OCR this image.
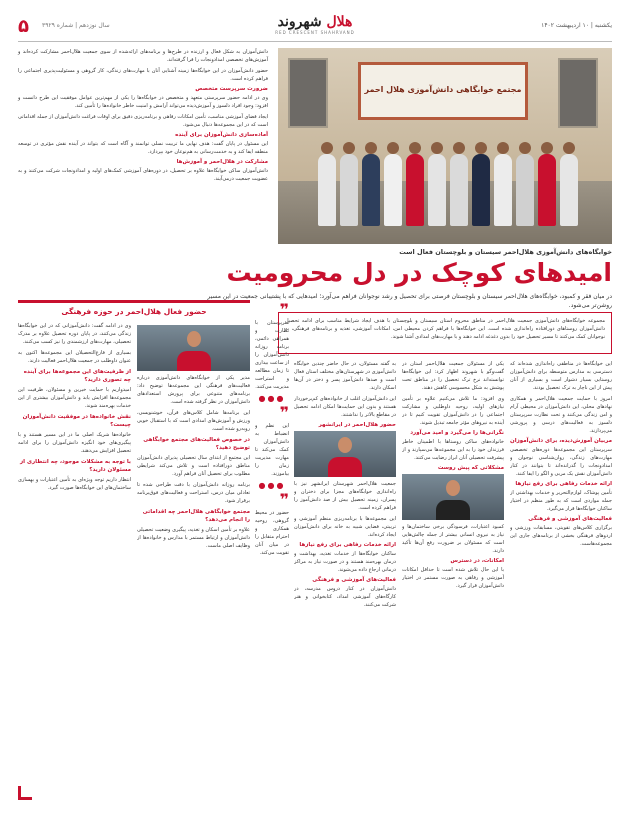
۵ سال نوزدهم | شماره ۳۹۲۹	هلال شهروند
RED CRESCENT SHAHRVAND
یکشنبه | ۱۰ اردیبهشت ۱۴۰۲

دانش‌آموزان به شکل فعال و ارزنده در طرح‌ها و برنامه‌های ارائه‌شده از سوی جمعیت هلال‌احمر مشارکت کرده‌اند و آموزش‌های تخصصی امدادونجات را فرا گرفته‌اند.

حضور دانش‌آموزان در این خوابگاه‌ها زمینه آشنایی آنان با مهارت‌های زندگی، کار گروهی و مسئولیت‌پذیری اجتماعی را فراهم کرده است.

ضرورت سرپرست متخصص

وی در ادامه حضور سرپرستی متعهد و متخصص در خوابگاه‌ها را یکی از مهم‌ترین عوامل موفقیت این طرح دانست و افزود: وجود افراد دلسوز و آموزش‌دیده می‌تواند آرامش و امنیت خاطر خانواده‌ها را تأمین کند.

ایجاد فضای آموزشی مناسب، تأمین امکانات رفاهی و برنامه‌ریزی دقیق برای اوقات فراغت دانش‌آموزان از جمله اقداماتی است که در این مجموعه‌ها دنبال می‌شود.

آماده‌سازی دانش‌آموزان برای آینده

این مسئول در پایان گفت: هدف نهایی ما تربیت نسلی توانمند و آگاه است که بتواند در آینده نقش مؤثری در توسعه منطقه ایفا کند و به خدمت‌رسانی به هم‌نوعان خود بپردازد.

مشارکت در هلال‌احمر و آموزش‌ها

دانش‌آموزان ساکن خوابگاه‌ها علاوه بر تحصیل، در دوره‌های آموزشی کمک‌های اولیه و امدادونجات شرکت می‌کنند و به عضویت جمعیت درمی‌آیند.

مجتمع خوابگاهی دانش‌آموزی هلال احمر
خوابگاه‌های دانش‌آموزی هلال‌احمر سیستان و بلوچستان فعال است
امیدهای کوچک در دل محرومیت

در میان فقر و کمبود، خوابگاه‌های هلال‌احمر سیستان و بلوچستان فرصتی برای تحصیل و رشد نوجوانان فراهم می‌آورد؛ امیدهایی که با پشتیبانی جمعیت در این مسیر روشن‌تر می‌شود.

مجموعه خوابگاه‌های دانش‌آموزی جمعیت هلال‌احمر در مناطق محروم استان سیستان و بلوچستان با هدف ایجاد شرایط مناسب برای ادامه تحصیل دانش‌آموزان روستاهای دورافتاده راه‌اندازی شده است. این خوابگاه‌ها با فراهم کردن محیطی امن، امکانات آموزشی، تغذیه و برنامه‌های فرهنگی، به نوجوانان کمک می‌کنند تا مسیر تحصیل خود را بدون دغدغه ادامه دهند و با مهارت‌های امدادی آشنا شوند.

این خوابگاه‌ها در مناطقی راه‌اندازی شده‌اند که دسترسی به مدارس متوسطه برای دانش‌آموزان روستایی بسیار دشوار است و بسیاری از آنان پیش از این ناچار به ترک تحصیل بودند.

امروز با حمایت جمعیت هلال‌احمر و همکاری نهادهای محلی، این دانش‌آموزان در محیطی آرام و امن زندگی می‌کنند و تحت نظارت سرپرستان دلسوز به فعالیت‌های درسی و پرورشی می‌پردازند.

مربیان آموزش‌دیده، برای دانش‌آموزان

سرپرستان این مجموعه‌ها دوره‌های تخصصی مهارت‌های زندگی، روان‌شناسی نوجوان و امدادونجات را گذرانده‌اند تا بتوانند در کنار دانش‌آموزان نقش یک مربی و الگو را ایفا کنند.

ارائه خدمات رفاهی برای رفع نیازها

تأمین پوشاک، لوازم‌التحریر و خدمات بهداشتی از جمله مواردی است که به طور منظم در اختیار ساکنان خوابگاه‌ها قرار می‌گیرد.

فعالیت‌های آموزشی و فرهنگی

برگزاری کلاس‌های تقویتی، مسابقات ورزشی و اردوهای فرهنگی بخشی از برنامه‌های جاری این مجموعه‌هاست.

یکی از مسئولان جمعیت هلال‌احمر استان در گفت‌وگو با شهروند اظهار کرد: این خوابگاه‌ها توانسته‌اند نرخ ترک تحصیل را در مناطق تحت پوشش به شکل محسوسی کاهش دهند.

وی افزود: ما تلاش می‌کنیم علاوه بر تأمین نیازهای اولیه، روحیه داوطلبی و مشارکت اجتماعی را در دانش‌آموزان تقویت کنیم تا در آینده به نیروهای مؤثر جامعه تبدیل شوند.

نگرانی‌ها را می‌گیرد و امید می‌آورد

خانواده‌های ساکن روستاها با اطمینان خاطر فرزندان خود را به این مجموعه‌ها می‌سپارند و از پیشرفت تحصیلی آنان ابراز رضایت می‌کنند.

مشکلاتی که پیش روست

کمبود اعتبارات، فرسودگی برخی ساختمان‌ها و نیاز به نیروی انسانی بیشتر از جمله چالش‌هایی است که مسئولان بر ضرورت رفع آن‌ها تأکید دارند.

امکانات، در دسترس

با این حال تلاش شده است تا حداقل امکانات آموزشی و رفاهی به صورت مستمر در اختیار دانش‌آموزان قرار گیرد.

به گفته مسئولان، در حال حاضر چندین خوابگاه دانش‌آموزی در شهرستان‌های مختلف استان فعال است و صدها دانش‌آموز پسر و دختر در آن‌ها اسکان دارند.

این دانش‌آموزان اغلب از خانواده‌های کم‌برخوردار هستند و بدون این حمایت‌ها امکان ادامه تحصیل در مقاطع بالاتر را نداشتند.

حضور هلال‌احمر در ایرانشهر

جمعیت هلال‌احمر شهرستان ایرانشهر نیز با راه‌اندازی خوابگاه‌های مجزا برای دختران و پسران، زمینه تحصیل بیش از صد دانش‌آموز را فراهم کرده است.

این مجموعه‌ها با برنامه‌ریزی منظم آموزشی و تربیتی، فضایی شبیه به خانه برای دانش‌آموزان ایجاد کرده‌اند.

ارائه خدمات رفاهی برای رفع نیازها

ساکنان خوابگاه‌ها از خدمات تغذیه، بهداشت و درمان بهره‌مند هستند و در صورت نیاز به مراکز درمانی ارجاع داده می‌شوند.

فعالیت‌های آموزشی و فرهنگی

دانش‌آموزان در کنار دروس مدرسه، در کارگاه‌های آموزشی امداد، کتابخوانی و هنر شرکت می‌کنند.

❞

سرپرستان با نظارت و همراهی دائمی، برنامه روزانه دانش‌آموزان را از ساعت بیداری تا زمان مطالعه و استراحت مدیریت می‌کنند.

●●●
❞

این نظم و انضباط به دانش‌آموزان کمک می‌کند تا مهارت مدیریت زمان را بیاموزند.

●●●
❞

حضور در محیط گروهی، روحیه همکاری و احترام متقابل را در میان آنان تقویت می‌کند.

حضور فعال هلال‌احمر در حوزه فرهنگی

مدیر یکی از خوابگاه‌های دانش‌آموزی درباره فعالیت‌های فرهنگی این مجموعه‌ها توضیح داد: برنامه‌های متنوعی برای پرورش استعدادهای دانش‌آموزان در نظر گرفته شده است.

این برنامه‌ها شامل کلاس‌های قرآن، خوشنویسی، ورزش و آموزش‌های امدادی است که با استقبال خوبی روبه‌رو شده است.

در خصوص فعالیت‌های مجتمع خوابگاهی توضیح دهید؟

این مجتمع از ابتدای سال تحصیلی پذیرای دانش‌آموزان مناطق دورافتاده است و تلاش می‌کند شرایطی مطلوب برای تحصیل آنان فراهم آورد.

برنامه روزانه دانش‌آموزان با دقت طراحی شده تا تعادلی میان درس، استراحت و فعالیت‌های فوق‌برنامه برقرار شود.

مجتمع خوابگاهی هلال‌احمر چه اقداماتی را انجام می‌دهد؟

علاوه بر تأمین اسکان و تغذیه، پیگیری وضعیت تحصیلی دانش‌آموزان و ارتباط مستمر با مدارس و خانواده‌ها از وظایف اصلی ماست.

وی در ادامه گفت: دانش‌آموزانی که در این خوابگاه‌ها زندگی می‌کنند، در پایان دوره تحصیل علاوه بر مدرک تحصیلی، مهارت‌های ارزشمندی را نیز کسب می‌کنند.

بسیاری از فارغ‌التحصیلان این مجموعه‌ها اکنون به عنوان داوطلب در جمعیت هلال‌احمر فعالیت دارند.

از ظرفیت‌های این مجموعه‌ها برای آینده چه تصوری دارید؟

امیدواریم با حمایت خیرین و مسئولان، ظرفیت این مجموعه‌ها افزایش یابد و دانش‌آموزان بیشتری از این خدمات بهره‌مند شوند.

نقش خانواده‌ها در موفقیت دانش‌آموزان چیست؟

خانواده‌ها شریک اصلی ما در این مسیر هستند و با پیگیری‌های خود انگیزه دانش‌آموزان را برای ادامه تحصیل افزایش می‌دهند.

با توجه به مشکلات موجود، چه انتظاری از مسئولان دارید؟

انتظار داریم توجه ویژه‌ای به تأمین اعتبارات و بهسازی ساختمان‌های این خوابگاه‌ها صورت گیرد.
